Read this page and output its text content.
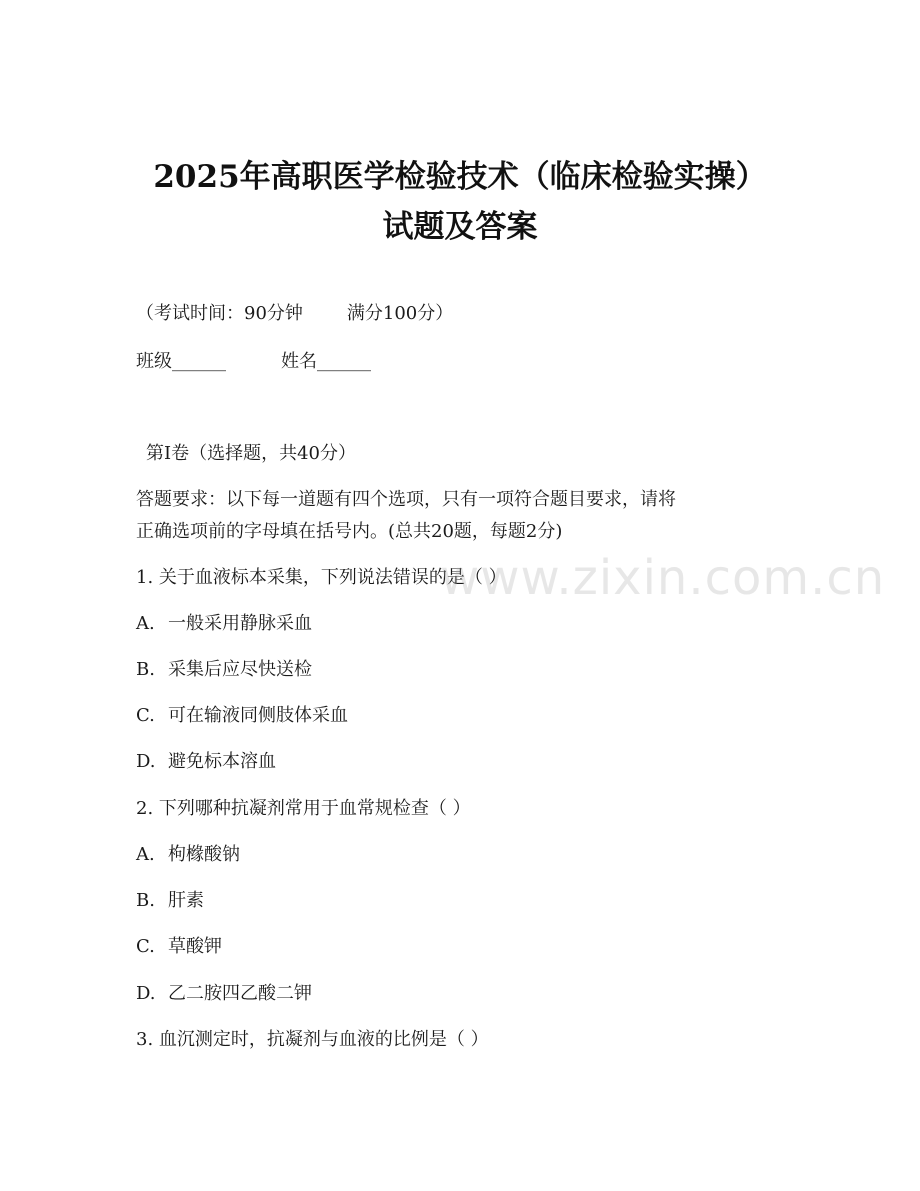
2025年高职医学检验技术（临床检验实操）
试题及答案
（考试时间：90分钟 满分100分）
班级______	姓名______
第I卷（选择题，共40分）
答题要求：以下每一道题有四个选项，只有一项符合题目要求，请将
正确选项前的字母填在括号内。(总共20题，每题2分)
1. 关于血液标本采集，下列说法错误的是（ ）
A. 一般采用静脉采血
B. 采集后应尽快送检
C. 可在输液同侧肢体采血
D. 避免标本溶血
2. 下列哪种抗凝剂常用于血常规检查（ ）
A. 枸橼酸钠
B. 肝素
C. 草酸钾
D. 乙二胺四乙酸二钾
3. 血沉测定时，抗凝剂与血液的比例是（ ）
www.zixin.com.cn
